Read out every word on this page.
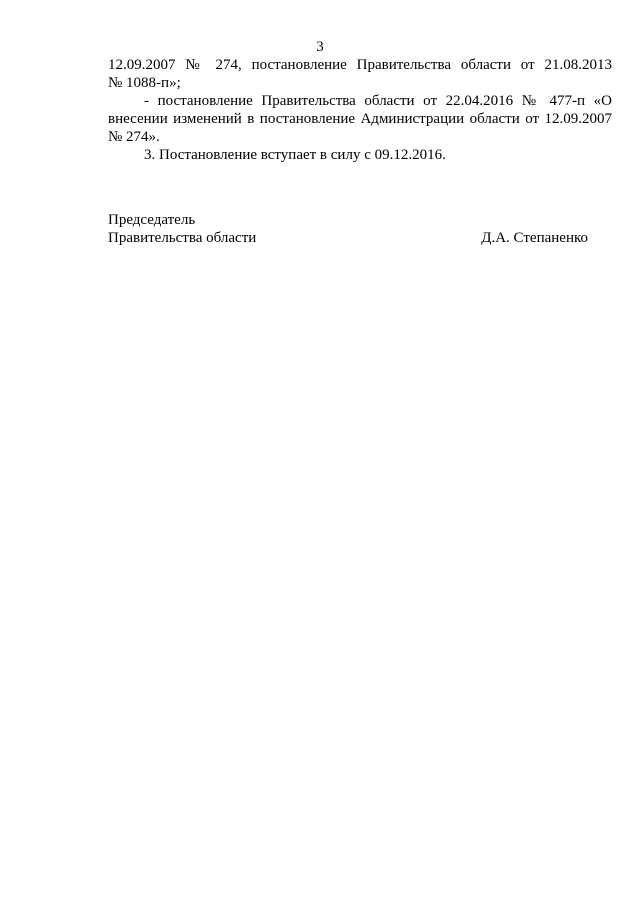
3

12.09.2007 № 274, постановление Правительства области от 21.08.2013
№ 1088-п»;

- постановление Правительства области от 22.04.2016 № 477-п «О
внесении изменений в постановление Администрации области от 12.09.2007
№ 274».

3. Постановление вступает в силу с 09.12.2016.

Председатель
Правительства области	Д.А. Степаненко
